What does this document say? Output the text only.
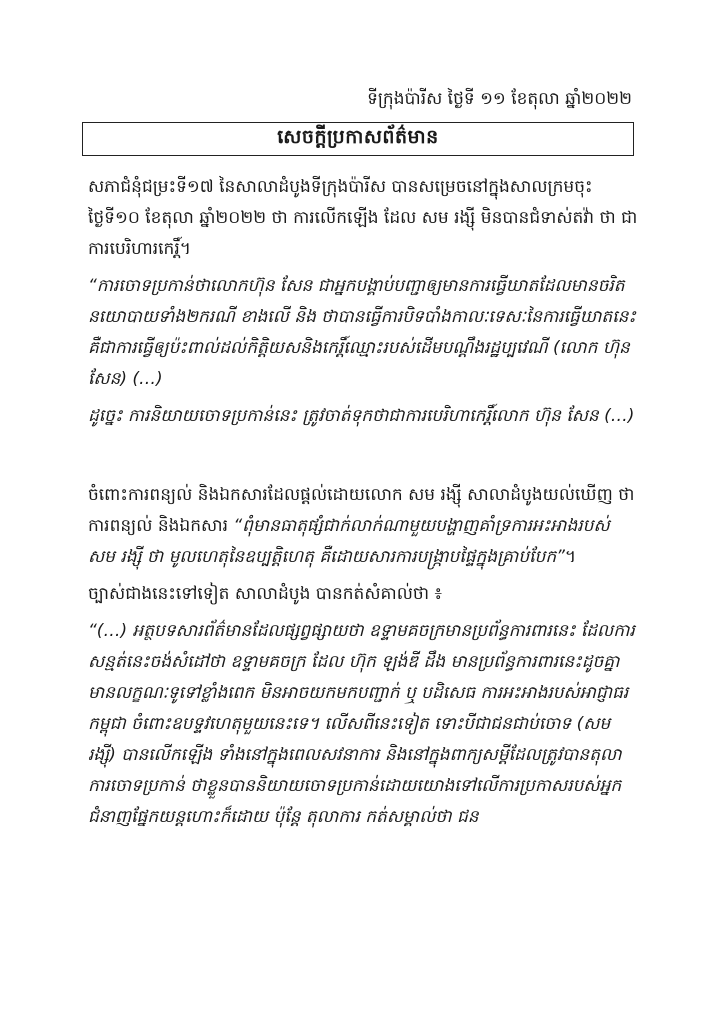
ទីក្រុងប៉ារីស ថ្ងៃទី ១១ ខែតុលា ឆ្នាំ២០២២
សេចក្ដីប្រកាសព័ត៌មាន

សភាជំនុំជម្រះទី១៧ នៃសាលាដំបូងទីក្រុងប៉ារីស បានសម្រេចនៅក្នុងសាលក្រមចុះថ្ងៃទី១០ ខែតុលា ឆ្នាំ២០២២ ថា ការលើកឡើង ដែល សម រង្ស៊ី មិនបានជំទាស់តវ៉ា ថា ជាការបេរិហារកេរ្តិ៍។

“ការចោទប្រកាន់ថាលោកហ៊ុន សែន ជាអ្នកបង្គាប់បញ្ជាឲ្យមានការធ្វើឃាតដែលមានចរិតនយោបាយទាំង២ករណី ខាងលើ និង ថាបានធ្វើការបិទបាំងកាលៈទេសៈនៃការធ្វើឃាតនេះ គឺជាការធ្វើឲ្យប៉ះពាល់ដល់កិត្តិយសនិងកេរ្តិ៍ឈ្មោះរបស់ដើមបណ្ដឹងរដ្ឋប្បវេណី (លោក ហ៊ុន សែន) (…)

ដូច្នេះ ការនិយាយចោទប្រកាន់នេះ ត្រូវចាត់ទុកថាជាការបេរិហាកេរ្តិ៍លោក ហ៊ុន សែន (…)

ចំពោះការពន្យល់ និងឯកសារដែលផ្ដល់ដោយលោក សម រង្ស៊ី សាលាដំបូងយល់ឃើញ ថា ការពន្យល់ និងឯកសារ “ពុំមានធាតុផ្សំជាក់លាក់ណាមួយបង្ហាញគាំទ្រការអះអាងរបស់ សម រង្ស៊ី ថា មូលហេតុនៃឧប្បត្តិហេតុ គឺដោយសារការបង្ក្រាបផ្ទៃក្នុងគ្រាប់បែក”។

ច្បាស់ជាងនេះទៅទៀត សាលាដំបូង បានកត់សំគាល់ថា ៖

“(…) អត្ថបទសារព័ត៌មានដែលផ្សព្វផ្សាយថា ឧទ្ទាមគចក្រមានប្រព័ន្ធការពារនេះ ដែលការសន្មត់នេះចង់សំដៅថា ឧទ្ទាមគចក្រ ដែល ហ៊ុក ឡង់ឌី ដឹង មានប្រព័ន្ធការពារនេះដូចគ្នា មានលក្ខណៈទូទៅខ្លាំងពេក មិនអាចយកមកបញ្ជាក់ ឬ បដិសេធ ការអះអាងរបស់អាជ្ញាធរកម្ពុជា ចំពោះឧបទ្ទវហេតុមួយនេះទេ។ លើសពីនេះទៀត ទោះបីជាជនជាប់ចោទ (សម រង្ស៊ី) បានលើកឡើង ទាំងនៅក្នុងពេលសវនាការ និងនៅក្នុងពាក្យសម្ដីដែលត្រូវបានតុលាការចោទប្រកាន់ ថាខ្លួនបាននិយាយចោទប្រកាន់ដោយយោងទៅលើការប្រកាសរបស់អ្នកជំនាញផ្នែកយន្តហោះក៏ដោយ ប៉ុន្តែ តុលាការ កត់សម្គាល់ថា ជន
